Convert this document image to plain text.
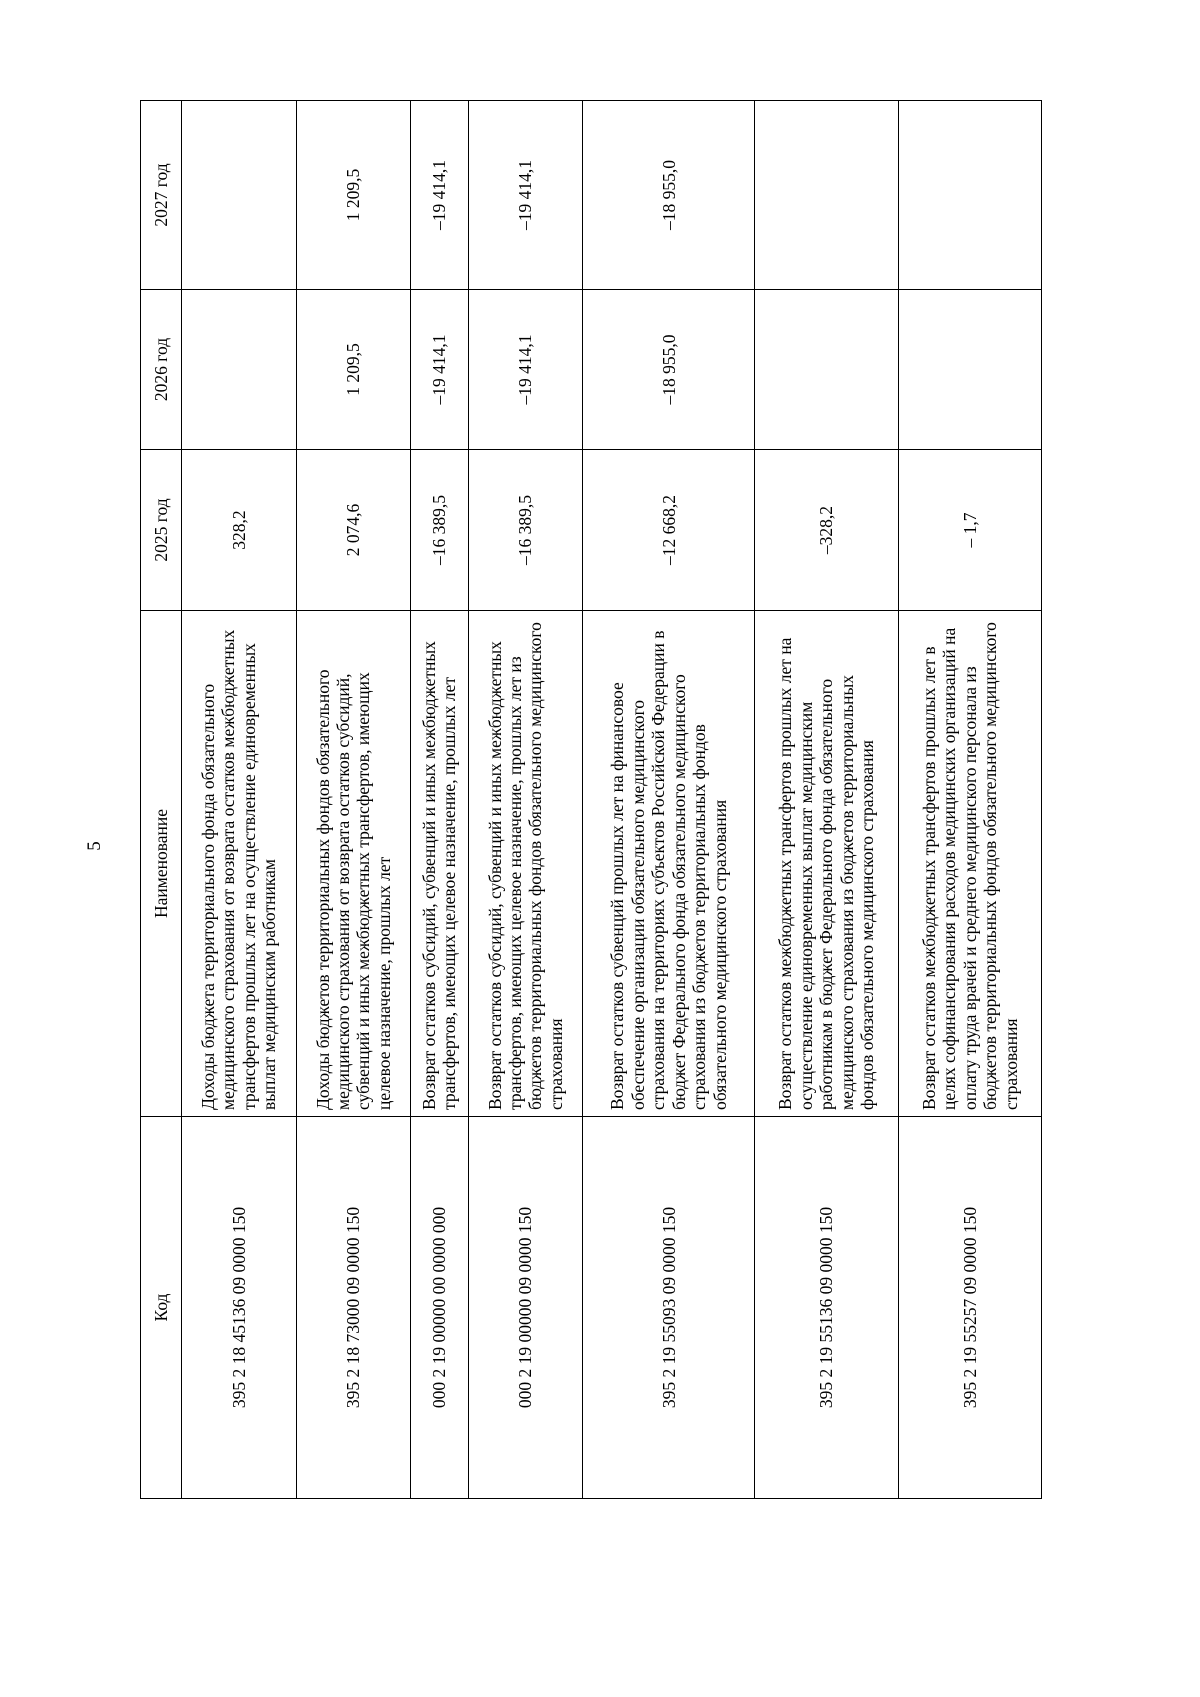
5
Код	Наименование	2025 год	2026 год	2027 год
395 2 18 45136 09 0000 150	Доходы бюджета территориального фонда обязательного медицинского страхования от возврата остатков межбюджетных трансфертов прошлых лет на осуществление единовременных выплат медицинским работникам	328,2		
395 2 18 73000 09 0000 150	Доходы бюджетов территориальных фондов обязательного медицинского страхования от возврата остатков субсидий, субвенций и иных межбюджетных трансфертов, имеющих целевое назначение, прошлых лет	2 074,6	1 209,5	1 209,5
000 2 19 00000 00 0000 000	Возврат остатков субсидий, субвенций и иных межбюджетных трансфертов, имеющих целевое назначение, прошлых лет	–16 389,5	–19 414,1	–19 414,1
000 2 19 00000 09 0000 150	Возврат остатков субсидий, субвенций и иных межбюджетных трансфертов, имеющих целевое назначение, прошлых лет из бюджетов территориальных фондов обязательного медицинского страхования	–16 389,5	–19 414,1	–19 414,1
395 2 19 55093 09 0000 150	Возврат остатков субвенций прошлых лет на финансовое обеспечение организации обязательного медицинского страхования на территориях субъектов Российской Федерации в бюджет Федерального фонда обязательного медицинского страхования из бюджетов территориальных фондов обязательного медицинского страхования	–12 668,2	–18 955,0	–18 955,0
395 2 19 55136 09 0000 150	Возврат остатков межбюджетных трансфертов прошлых лет на осуществление единовременных выплат медицинским работникам в бюджет Федерального фонда обязательного медицинского страхования из бюджетов территориальных фондов обязательного медицинского страхования	–328,2		
395 2 19 55257 09 0000 150	Возврат остатков межбюджетных трансфертов прошлых лет в целях софинансирования расходов медицинских организаций на оплату труда врачей и среднего медицинского персонала из бюджетов территориальных фондов обязательного медицинского страхования	– 1,7		
